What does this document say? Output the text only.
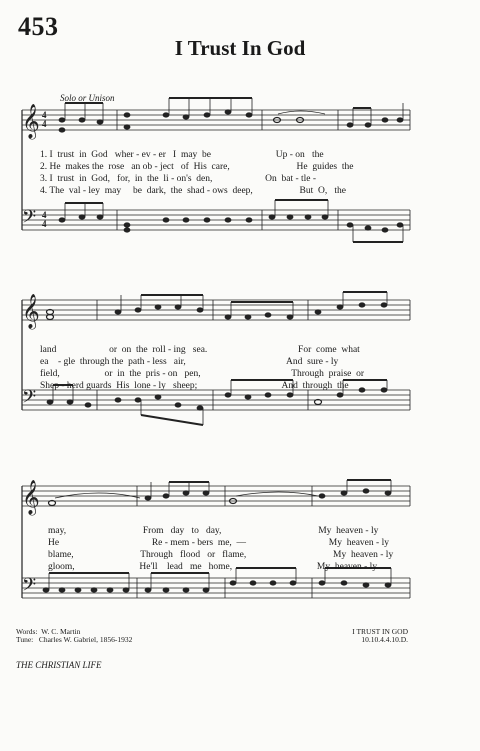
453
I Trust In God
Solo or Unison
𝄞
𝄢
4
4
4
4
1. I trust in God wher - ev - er I may be	Up - on the
2. He makes the rose an ob - ject of His care,	He guides the
3. I trust in God, for, in the li - on's den,	On bat - tle -
4. The val - ley may be dark, the shad - ows deep,	But O, the
𝄞
𝄢
land	or on the roll - ing sea.	For come what
ea - gle through the path - less air,	And sure - ly
field,	or in the pris - on pen,	Through praise or
Shep - herd guards His lone - ly sheep;	And through the
𝄞
𝄢
may,	From day to day,	My heaven - ly
He	Re - mem - bers me, —	My heaven - ly
blame,	Through flood or flame,	My heaven - ly
gloom,	He'll lead me home,	My heaven - ly
Words:  W. C. Martin
Tune:   Charles W. Gabriel, 1856-1932
I TRUST IN GOD
10.10.4.4.10.D.
THE CHRISTIAN LIFE
